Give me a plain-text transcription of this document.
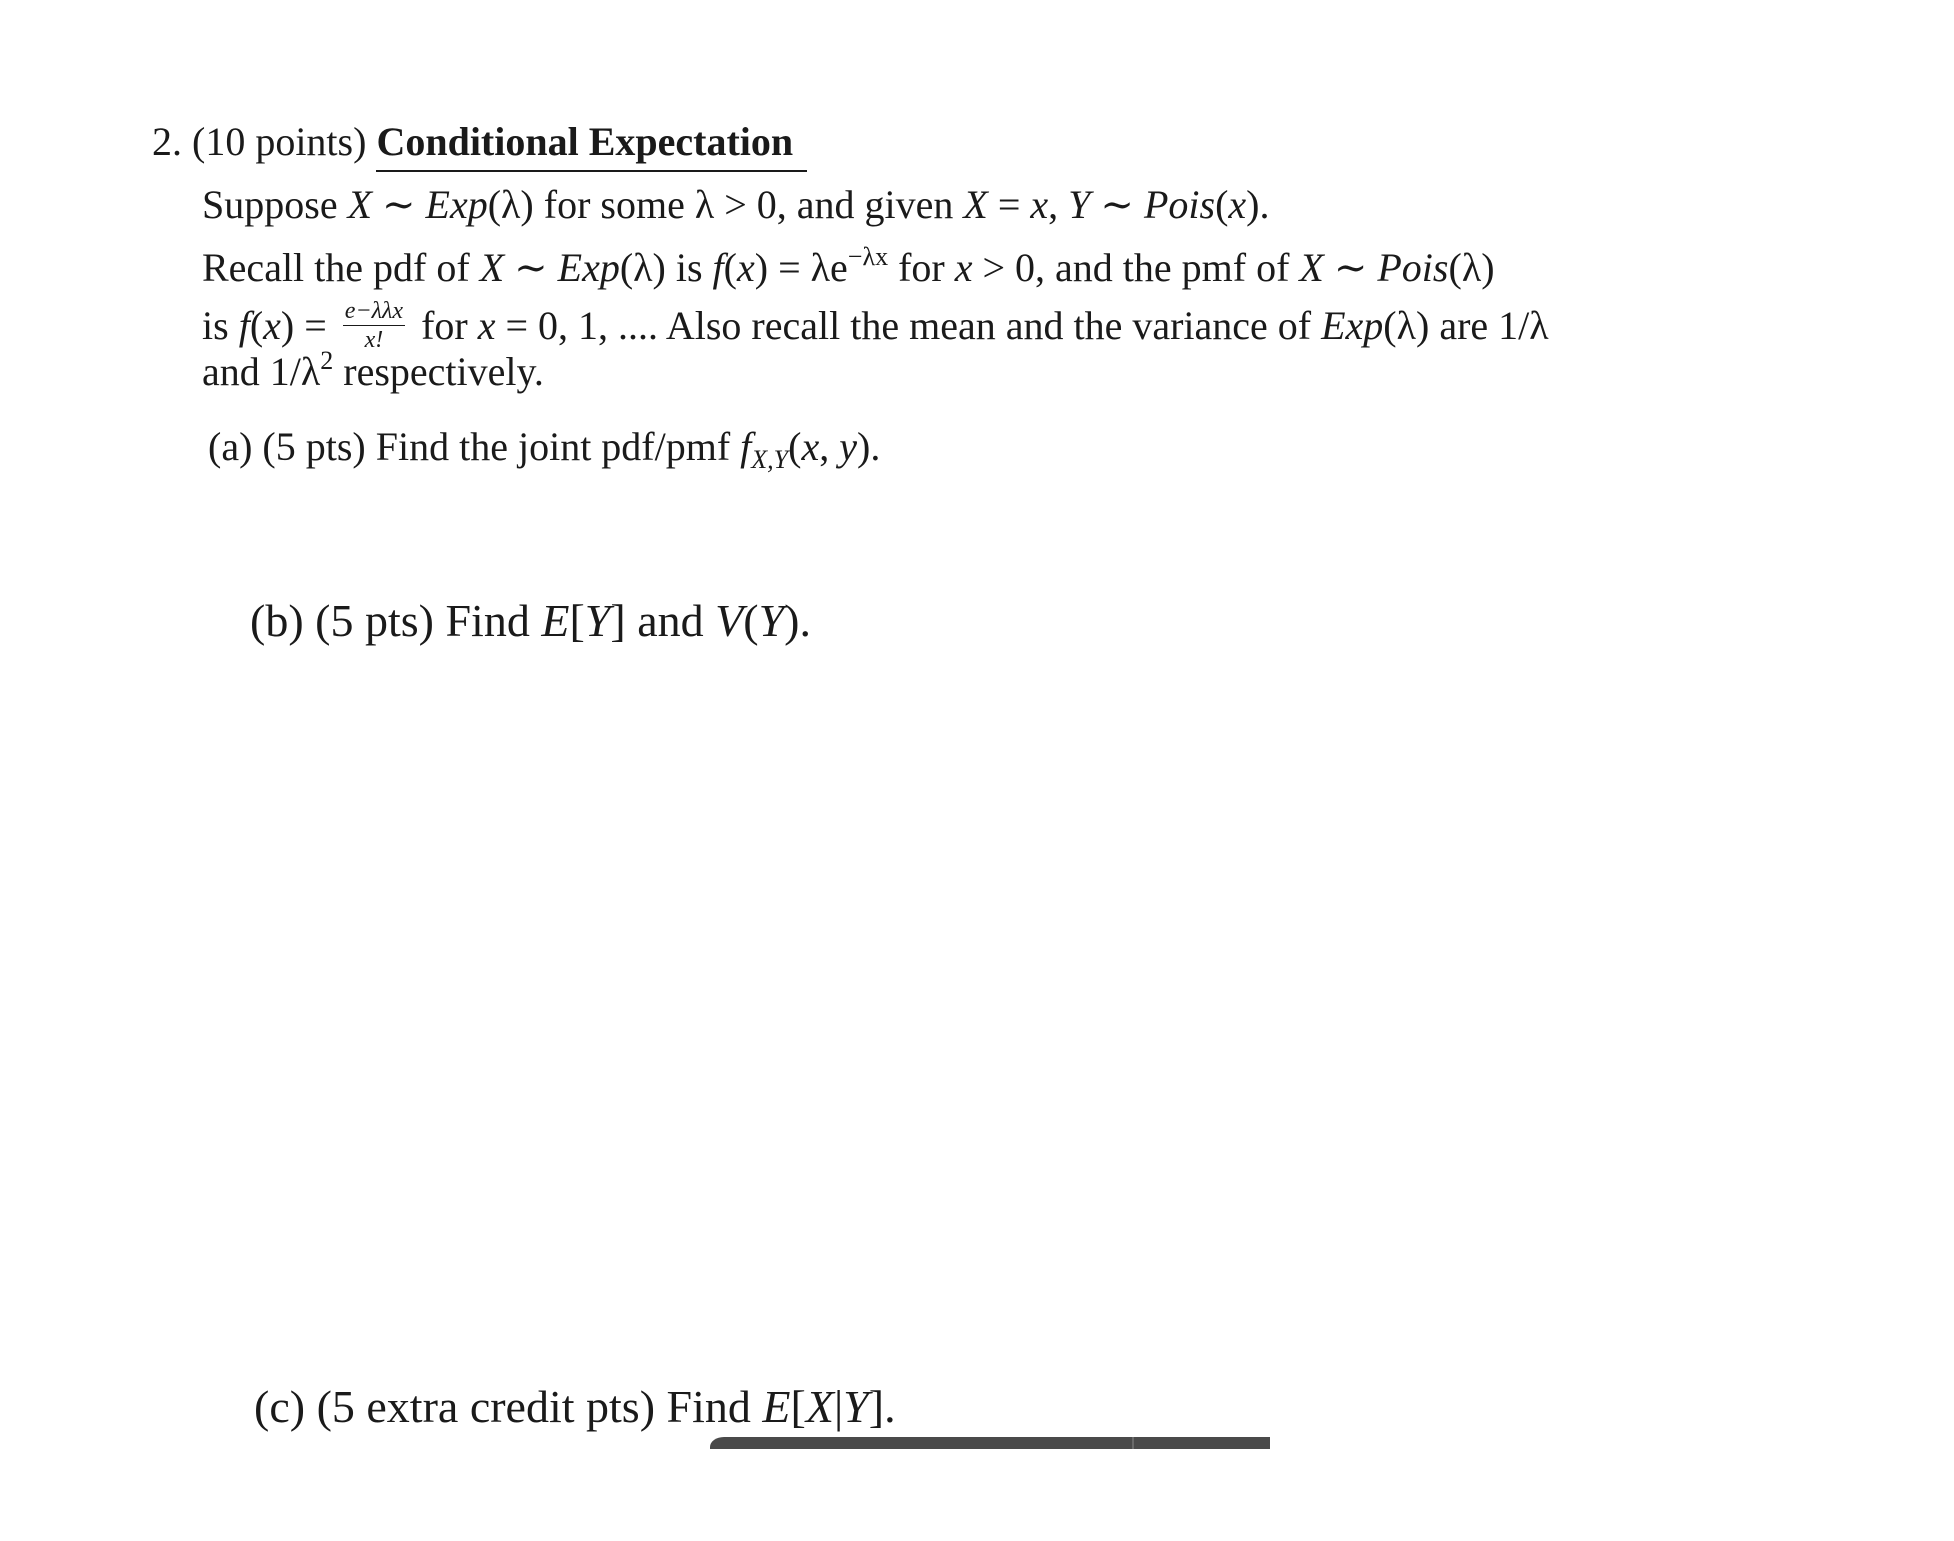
2. (10 points) Conditional Expectation
Suppose X ∼ Exp(λ) for some λ > 0, and given X = x, Y ∼ Pois(x).
Recall the pdf of X ∼ Exp(λ) is $f(x) = \lambda e^{-\lambda x}$ for x > 0, and the pmf of X ∼ Pois(λ)
is $f(x) = \frac{\text{e−λλx}}{x!}$ for x = 0, 1, .... Also recall the mean and the variance of Exp(λ) are 1/λ
and $1/\lambda^2$ respectively.
(a) (5 pts) Find the joint pdf/pmf $f_{X,Y}(x$, y).
(b) (5 pts) Find E[Y] and V(Y).
(c) (5 extra credit pts) Find E[X|Y].
